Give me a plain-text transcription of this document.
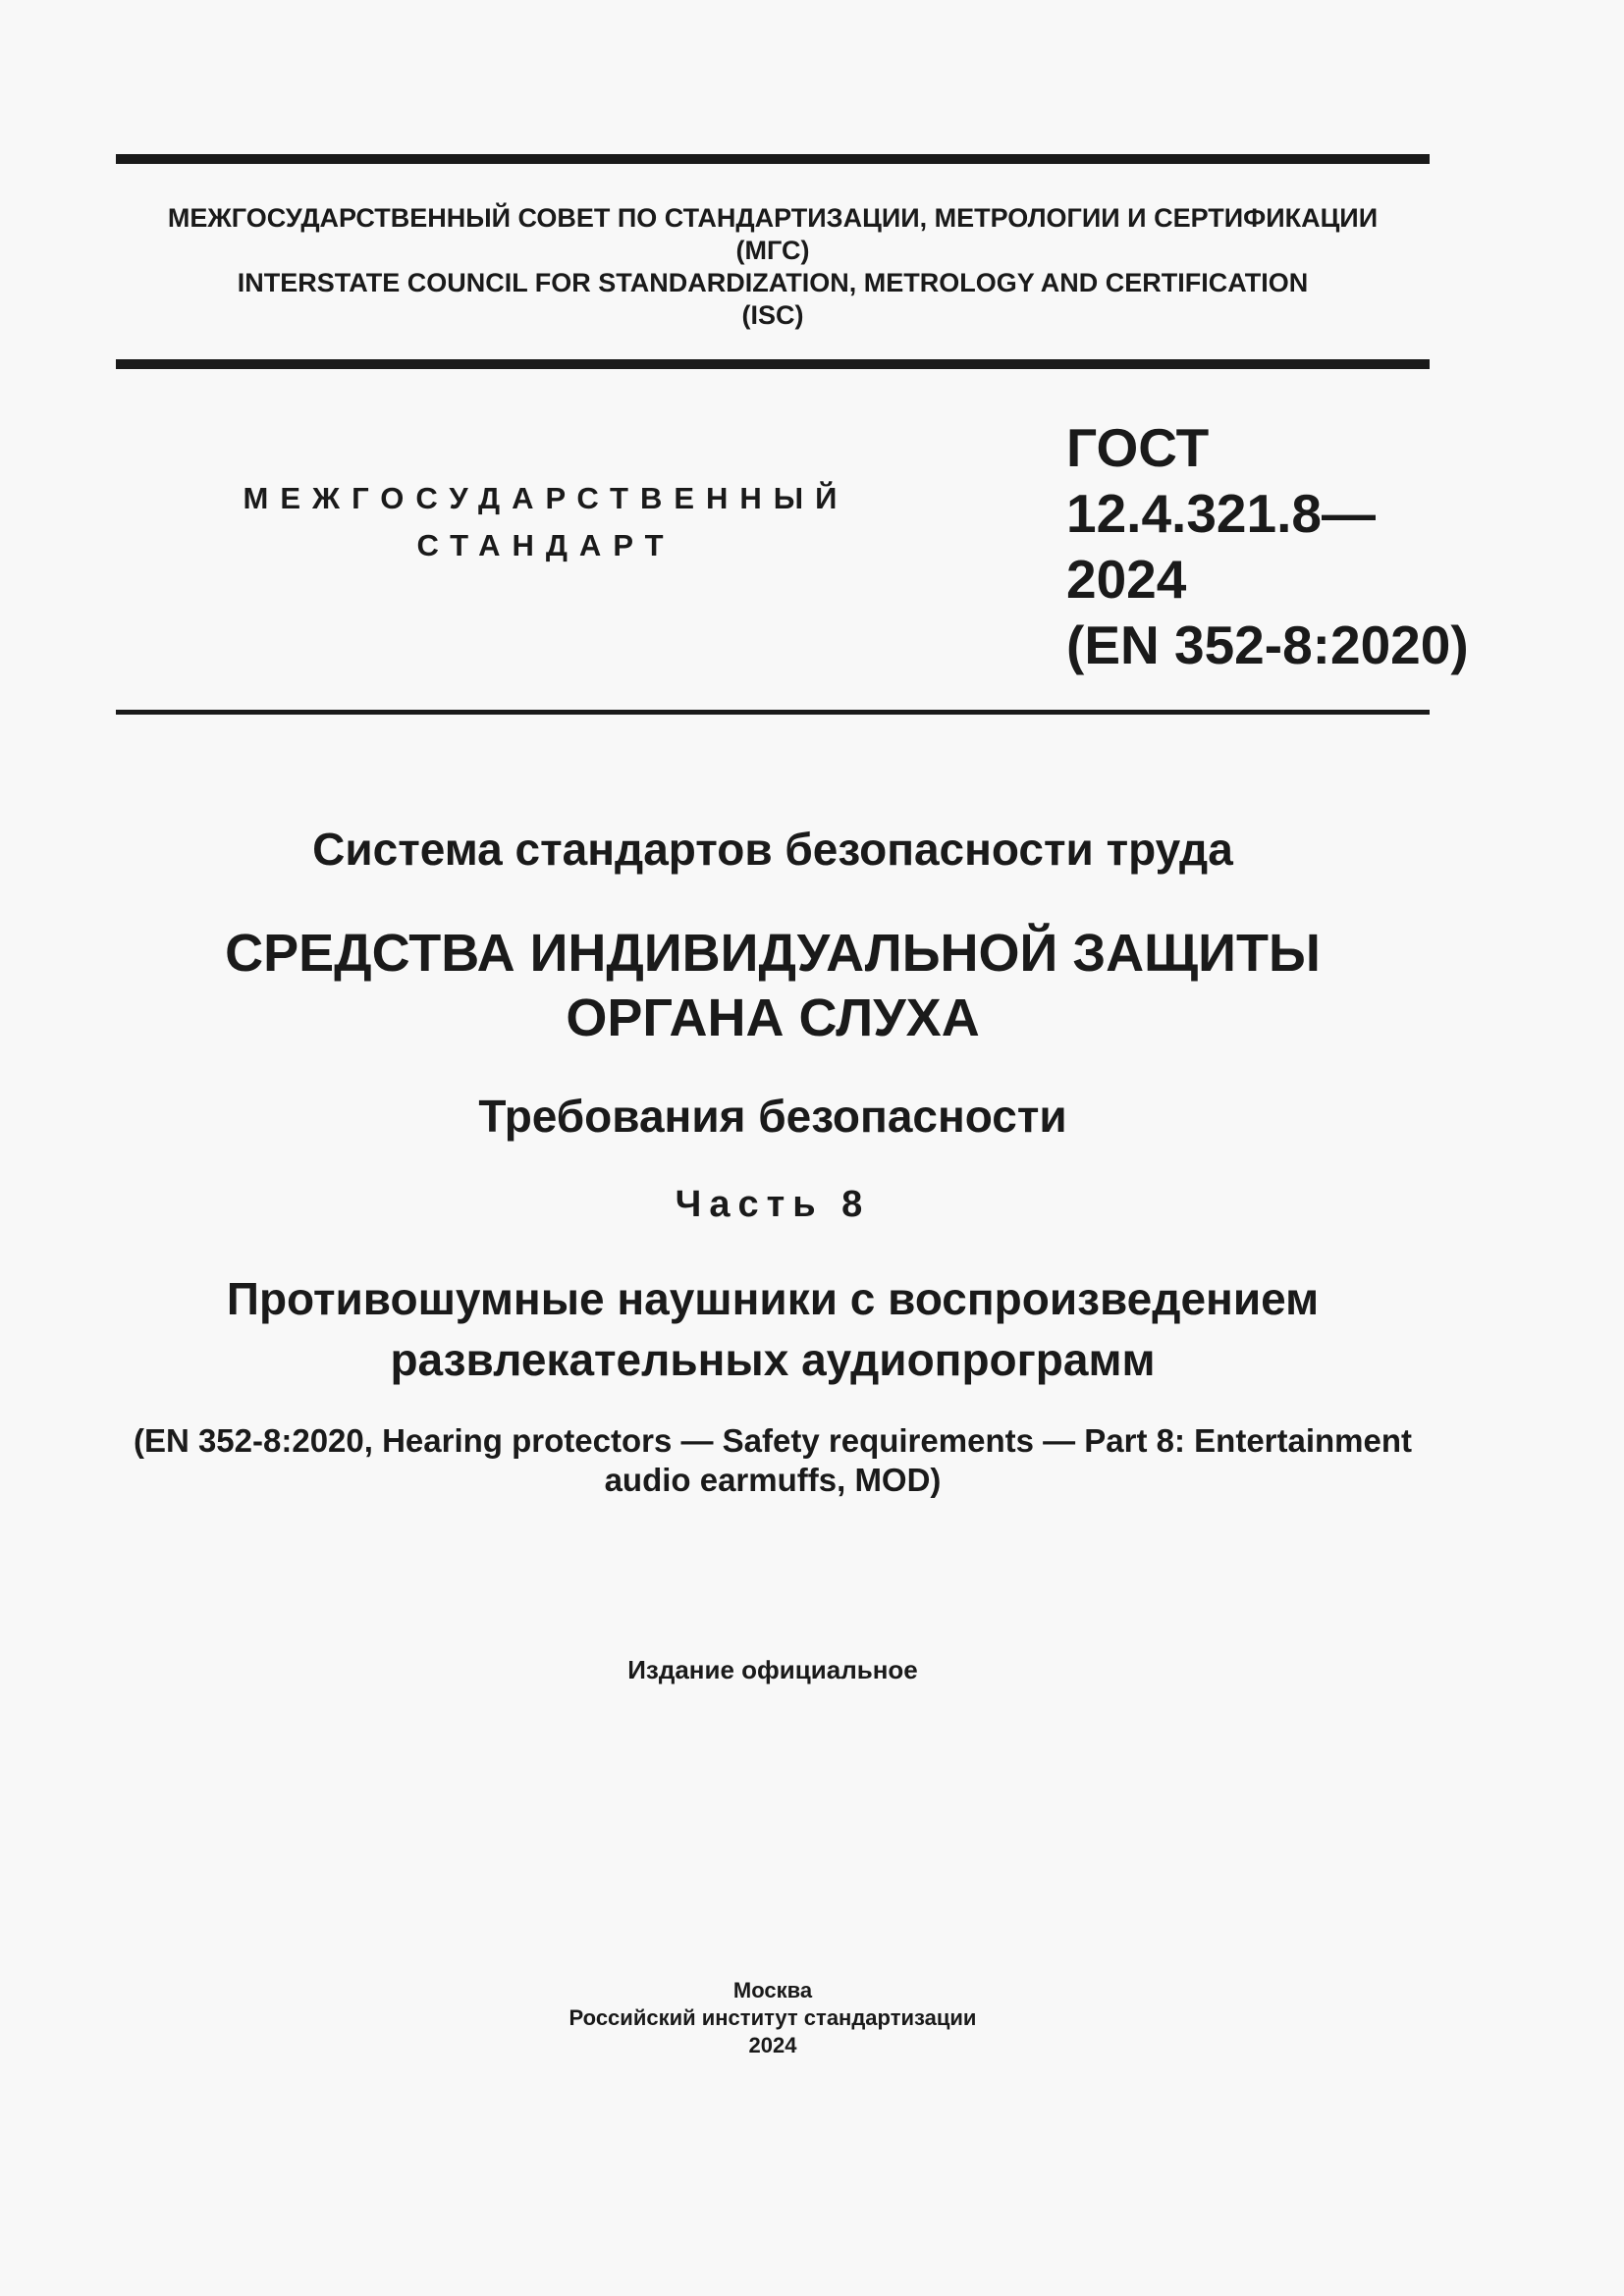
МЕЖГОСУДАРСТВЕННЫЙ СОВЕТ ПО СТАНДАРТИЗАЦИИ, МЕТРОЛОГИИ И СЕРТИФИКАЦИИ
(МГС)
INTERSTATE COUNCIL FOR STANDARDIZATION, METROLOGY AND CERTIFICATION
(ISC)
МЕЖГОСУДАРСТВЕННЫЙ
СТАНДАРТ
ГОСТ
12.4.321.8—
2024
(EN 352-8:2020)
Система стандартов безопасности труда
СРЕДСТВА ИНДИВИДУАЛЬНОЙ ЗАЩИТЫ
ОРГАНА СЛУХА
Требования безопасности
Часть 8
Противошумные наушники с воспроизведением
развлекательных аудиопрограмм
(EN 352-8:2020, Hearing protectors — Safety requirements — Part 8: Entertainment
audio earmuffs, MOD)
Издание официальное
Москва
Российский институт стандартизации
2024
